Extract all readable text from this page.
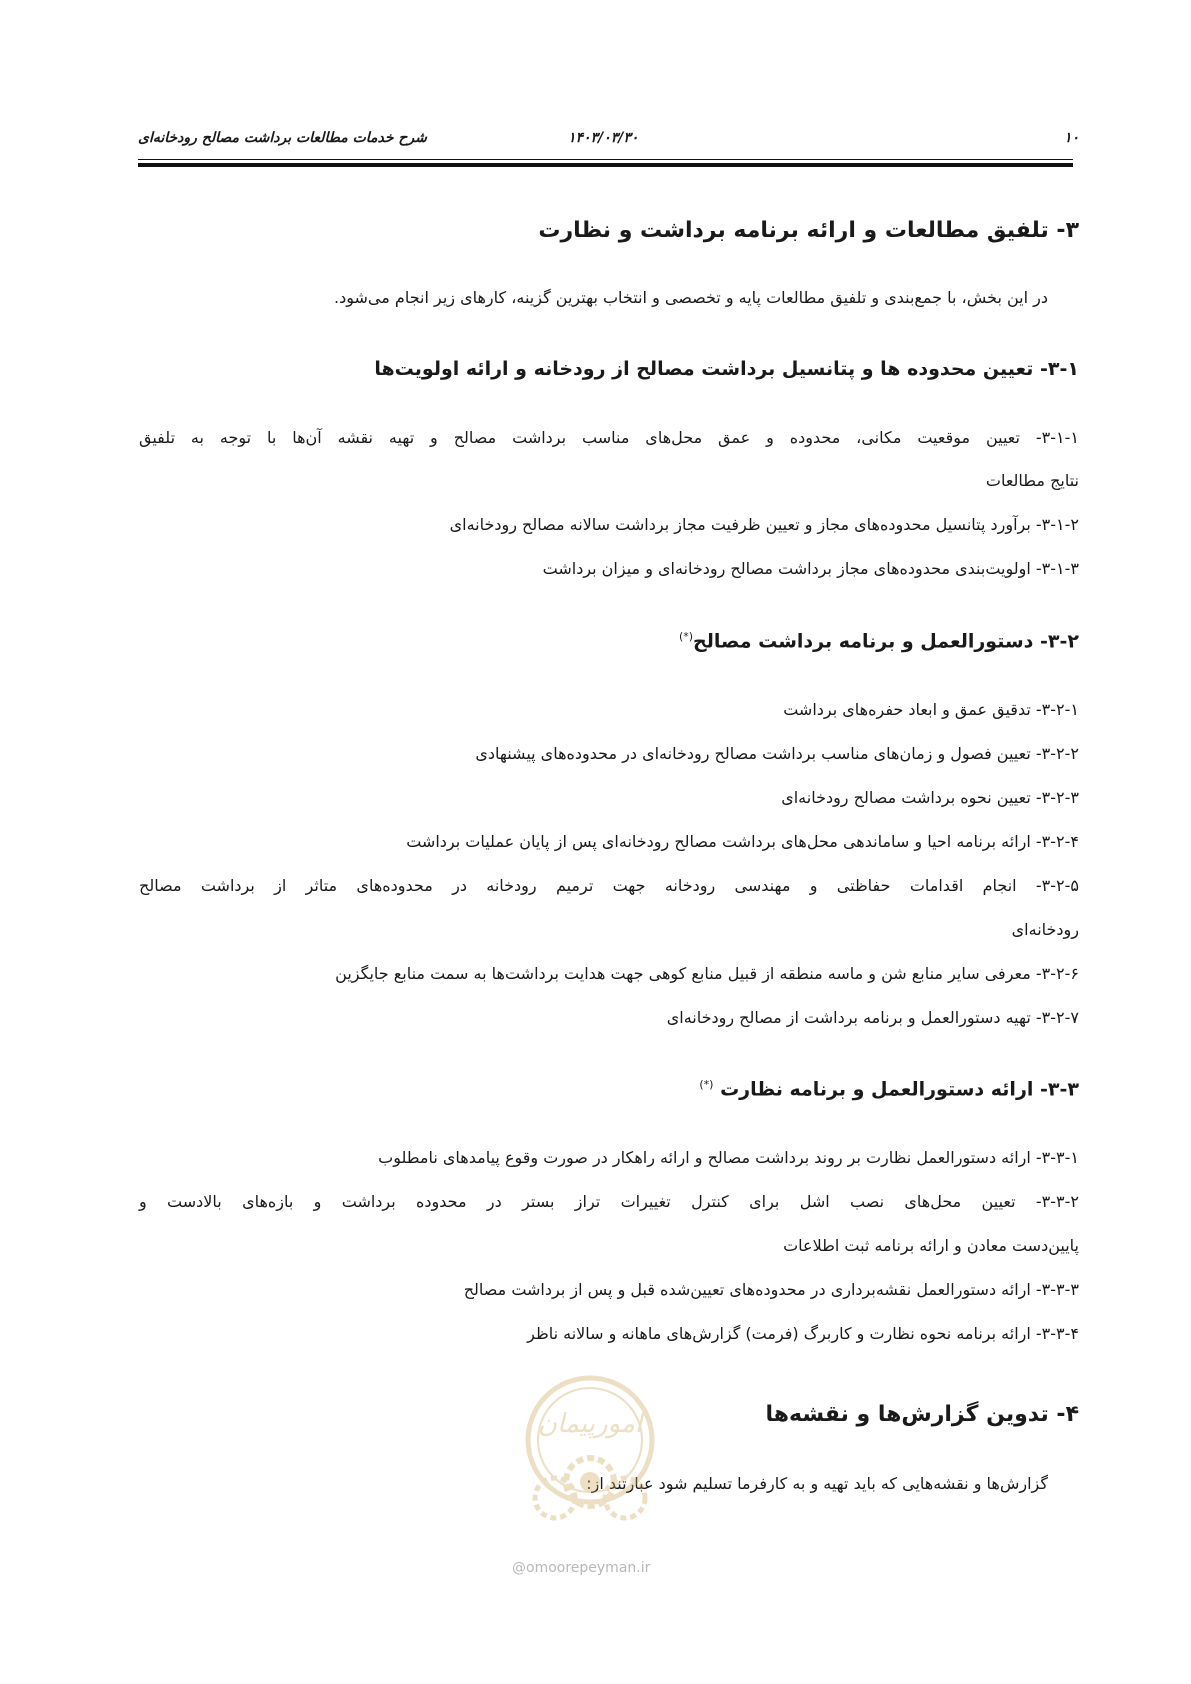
۱۰
۱۴۰۳/۰۳/۳۰
شرح خدمات مطالعات برداشت مصالح رودخانه‌ای
۳- تلفیق مطالعات و ارائه برنامه برداشت و نظارت
در این بخش، با جمع‌بندی و تلفیق مطالعات پایه و تخصصی و انتخاب بهترین گزینه، کارهای زیر انجام می‌شود.
۳-۱- تعیین محدوده ها و پتانسیل برداشت مصالح از رودخانه و ارائه اولویت‌ها
۳-۱-۱- تعیین موقعیت مکانی، محدوده و عمق محل‌های مناسب برداشت مصالح و تهیه نقشه آن‌ها با توجه به تلفیق
نتایج مطالعات
۳-۱-۲- برآورد پتانسیل محدوده‌های مجاز و تعیین ظرفیت مجاز برداشت سالانه مصالح رودخانه‌ای
۳-۱-۳- اولویت‌بندی محدوده‌های مجاز برداشت مصالح رودخانه‌ای و میزان برداشت
۳-۲- دستورالعمل و برنامه برداشت مصالح(*)
۳-۲-۱- تدقیق عمق و ابعاد حفره‌های برداشت
۳-۲-۲- تعیین فصول و زمان‌های مناسب برداشت مصالح رودخانه‌ای در محدوده‌های پیشنهادی
۳-۲-۳- تعیین نحوه برداشت مصالح رودخانه‌ای
۳-۲-۴- ارائه برنامه احیا و ساماندهی محل‌های برداشت مصالح رودخانه‌ای پس از پایان عملیات برداشت
۳-۲-۵- انجام اقدامات حفاظتی و مهندسی رودخانه جهت ترمیم رودخانه در محدوده‌های متاثر از برداشت مصالح
رودخانه‌ای
۳-۲-۶- معرفی سایر منابع شن و ماسه منطقه از قبیل منابع کوهی جهت هدایت برداشت‌ها به سمت منابع جایگزین
۳-۲-۷- تهیه دستورالعمل و برنامه برداشت از مصالح رودخانه‌ای
۳-۳- ارائه دستورالعمل و برنامه نظارت (*)
۳-۳-۱- ارائه دستورالعمل نظارت بر روند برداشت مصالح و ارائه راهکار در صورت وقوع پیامدهای نامطلوب
۳-۳-۲- تعیین محل‌های نصب اشل برای کنترل تغییرات تراز بستر در محدوده برداشت و بازه‌های بالادست و
پایین‌دست معادن و ارائه برنامه ثبت اطلاعات
۳-۳-۳- ارائه دستورالعمل نقشه‌برداری در محدوده‌های تعیین‌شده قبل و پس از برداشت مصالح
۳-۳-۴- ارائه برنامه نحوه نظارت و کاربرگ (فرمت) گزارش‌های ماهانه و سالانه ناظر
۴- تدوین گزارش‌ها و نقشه‌ها
گزارش‌ها و نقشه‌هایی که باید تهیه و به کارفرما تسلیم شود عبارتند از:
امورپیمان
@omoorepeyman.ir
